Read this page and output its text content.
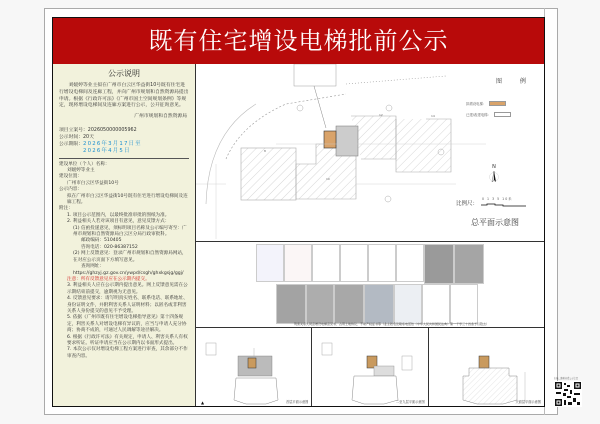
既有住宅增设电梯批前公示
公示说明
刘媛婷等业主拟在广州市白云区华益街10号既有住宅进行增设电梯间及连廊工程，并向广州市规划和自然资源局提出申请。根据《行政许可法》《广州市国土空间规划条例》等规定，现将增设电梯间及连廊方案进行公示，公开征询意见。
广州市规划和自然资源局
项目立案号：2026050000005962
公示时间：20天
公示期限：2026年3月17日至
2026年4月5日
建设单位（个人）名称：
刘媛婷等业主
建设位置：
广州市白云区华益街10号
公示内容：
拟在广州市白云区华益街10号既有住宅进行增设电梯间及连廊工程。
附注：
1. 项目公示范围内，以最终批准审批的图纸为准。
2. 利益相关人若对该项目有意见，意见反馈方式：
(1) 信函投递意见，须标明项目名称及公示编号寄至：广州市规划和自然资源局白云区分局行政审批科。
邮政编码：510405
咨询电话：020-86387152
(2) 网上反馈意见：登录广州市规划和自然资源局网站，在对应公示页面下方填写意见。
查询网址：
https://ghzyj.gz.gov.cn/ywpd/csgh/ghxkgsjg/ggj/
注意：所有反馈意见应在公示期内提交。
3. 利益相关人应在公示期内提出意见。网上反馈意见需在公示期结束前提交，逾期视为无意见。
4. 反馈意见要求：请写明真实姓名、联系电话、联系地址、身份证明文件，并附利害关系人证明材料；以匿名或非利害关系人身份提交的意见不予受理。
5. 依据《广州市既有住宅增设电梯指导意见》第十四条规定，利害关系人对增设电梯有异议的，应当与申请人充分协商；协商不成的，可通过人民调解等途径解决。
6. 根据《行政许可法》有关规定，申请人、利害关系人有权要求听证。听证申请应当在公示期内以书面形式提出。
7. 本次公示仅对增设电梯工程方案进行审查，其余部分不作审查内容。
8
12	14
10
图 例
拟增设电梯：
已建/改建电梯：
N
比例尺：
0 1 3 5 10米
总平面示意图
利害关系人同意增设电梯意见书、占用土地协议、不动产权证书等（业主姓名及联系电话依《中华人民共和国民法典》第一千零三十四条予以隐去）
▲	首层平面示意图	二至九层平面示意图	天面层平面示意图
扫描二维码查看公示信息
